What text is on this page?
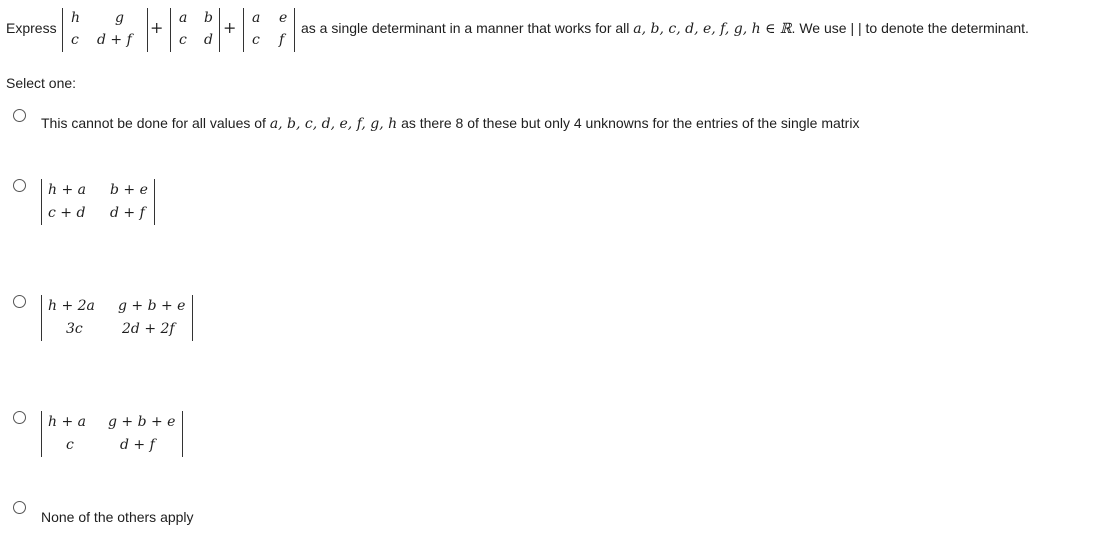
Express
h g
c d + f
+ a b
c d
+ a e
c f
as a single determinant in a manner that works for all a, b, c, d, e, f, g, h ∈ ℝ. We use | | to denote the determinant.
Select one:
This cannot be done for all values of a, b, c, d, e, f, g, h as there 8 of these but only 4 unknowns for the entries of the single matrix
h + a b + e
c + d d + f
h + 2a g + b + e
3c	2d + 2f
h + a g + b + e
c	d + f
None of the others apply
